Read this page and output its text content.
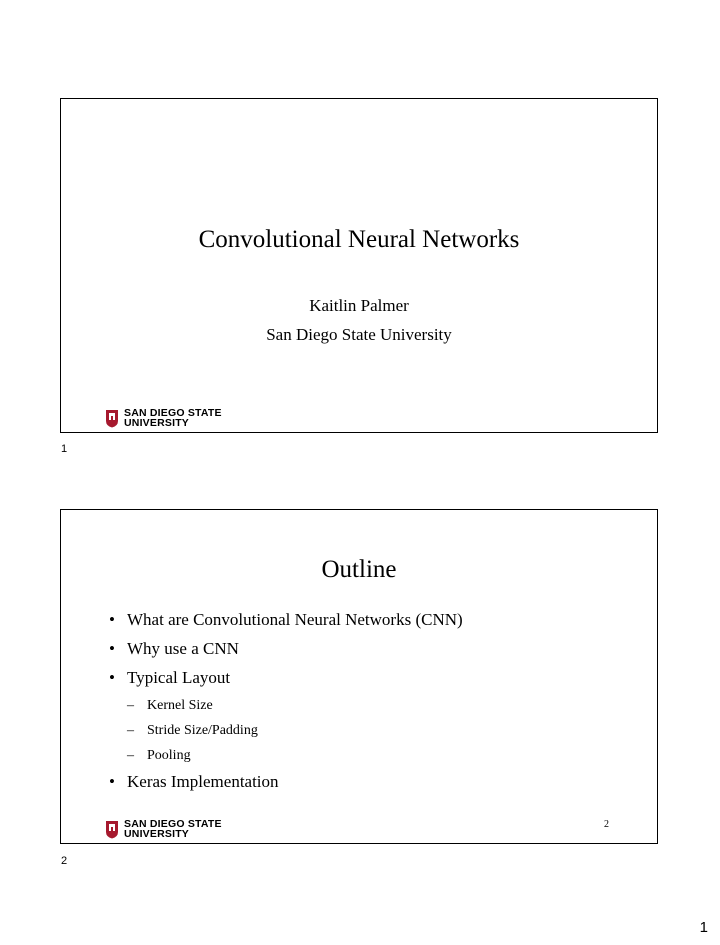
Convolutional Neural Networks
Kaitlin Palmer
San Diego State University
SAN DIEGO STATE
UNIVERSITY
1
Outline
• What are Convolutional Neural Networks (CNN)
• Why use a CNN
• Typical Layout
– Kernel Size
– Stride Size/Padding
– Pooling
• Keras Implementation
2
SAN DIEGO STATE
UNIVERSITY
2
1
